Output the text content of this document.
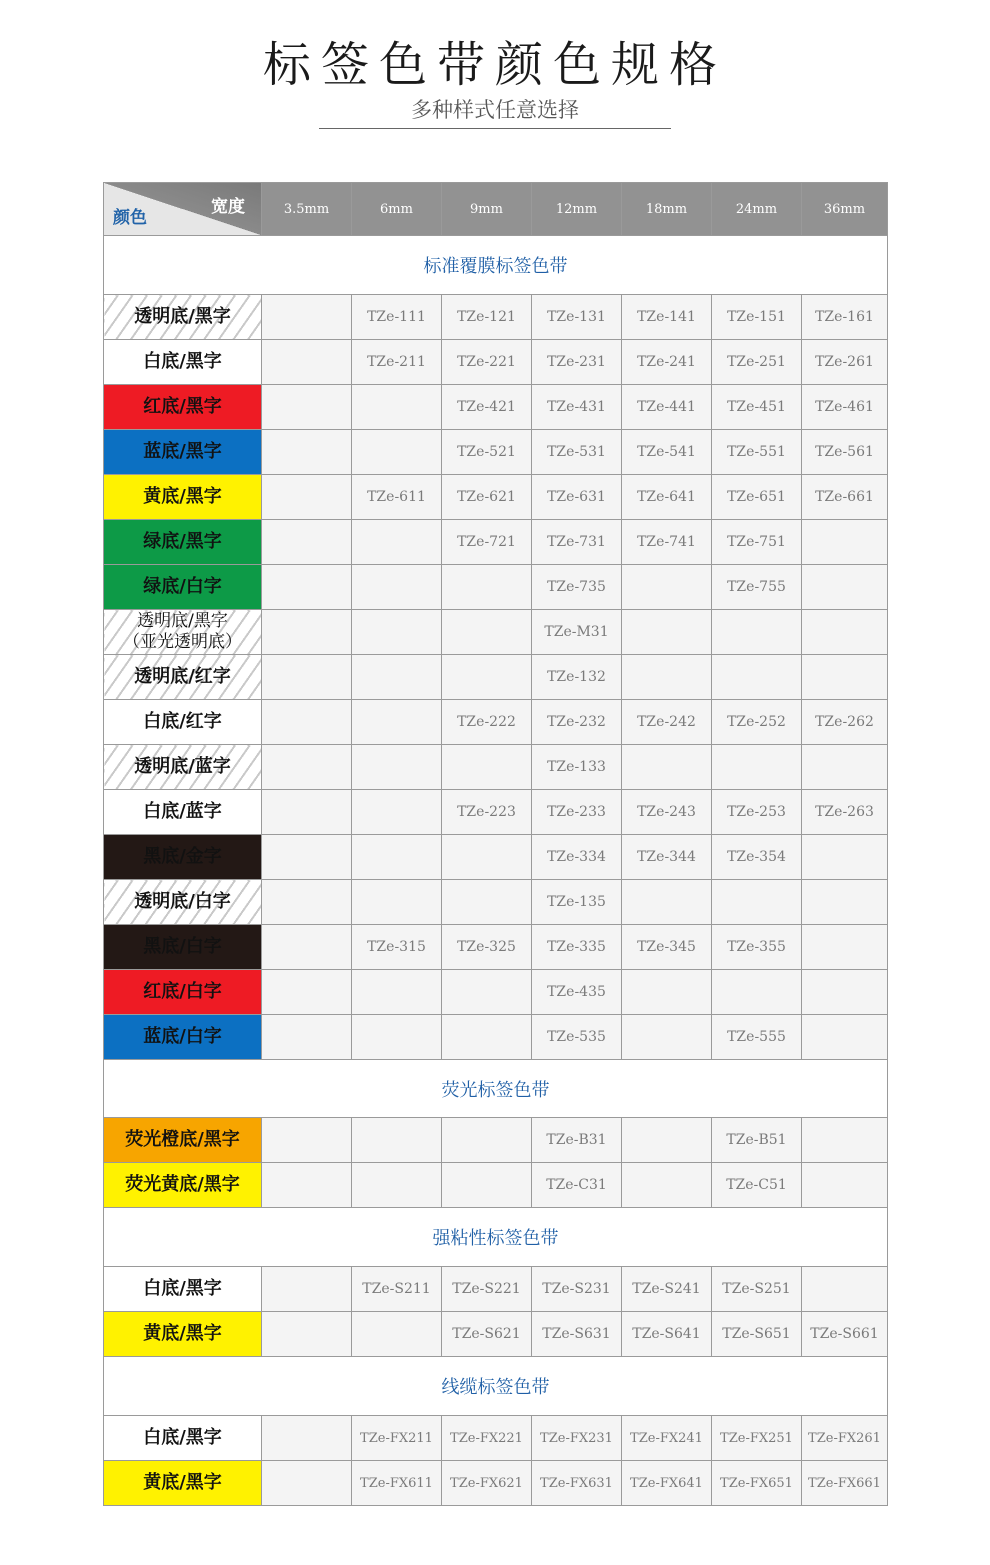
标签色带颜色规格
多种样式任意选择
宽度
颜色	3.5mm	6mm	9mm	12mm	18mm	24mm	36mm
标准覆膜标签色带							

透明底/黑字		TZe-111	TZe-121	TZe-131	TZe-141	TZe-151	TZe-161

白底/黑字		TZe-211	TZe-221	TZe-231	TZe-241	TZe-251	TZe-261

红底/黑字			TZe-421	TZe-431	TZe-441	TZe-451	TZe-461

蓝底/黑字			TZe-521	TZe-531	TZe-541	TZe-551	TZe-561

黄底/黑字		TZe-611	TZe-621	TZe-631	TZe-641	TZe-651	TZe-661

绿底/黑字			TZe-721	TZe-731	TZe-741	TZe-751	

绿底/白字				TZe-735		TZe-755	

透明底/黑字
（亚光透明底）				TZe-M31			

透明底/红字				TZe-132			

白底/红字			TZe-222	TZe-232	TZe-242	TZe-252	TZe-262

透明底/蓝字				TZe-133			

白底/蓝字			TZe-223	TZe-233	TZe-243	TZe-253	TZe-263

黑底/金字				TZe-334	TZe-344	TZe-354	

透明底/白字				TZe-135			

黑底/白字		TZe-315	TZe-325	TZe-335	TZe-345	TZe-355	

红底/白字				TZe-435			

蓝底/白字				TZe-535		TZe-555	
荧光标签色带							

荧光橙底/黑字				TZe-B31		TZe-B51	

荧光黄底/黑字				TZe-C31		TZe-C51	
强粘性标签色带							

白底/黑字		TZe-S211	TZe-S221	TZe-S231	TZe-S241	TZe-S251	

黄底/黑字			TZe-S621	TZe-S631	TZe-S641	TZe-S651	TZe-S661
线缆标签色带							

白底/黑字		TZe-FX211	TZe-FX221	TZe-FX231	TZe-FX241	TZe-FX251	TZe-FX261

黄底/黑字		TZe-FX611	TZe-FX621	TZe-FX631	TZe-FX641	TZe-FX651	TZe-FX661
